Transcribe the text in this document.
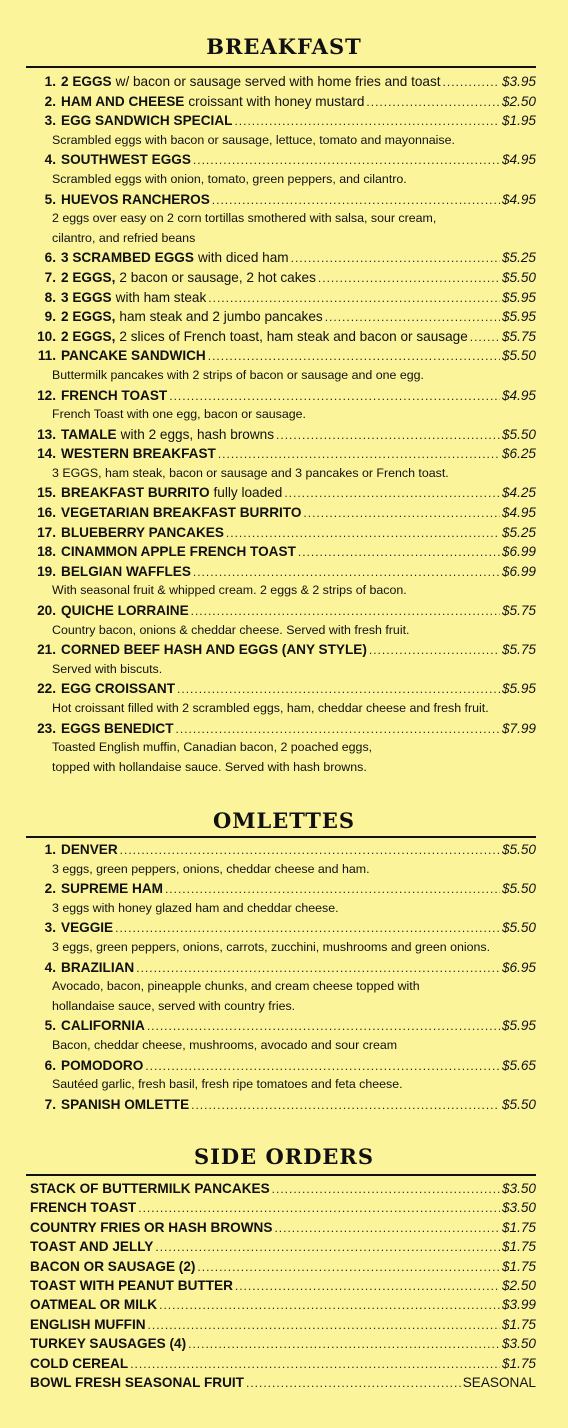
BREAKFAST
1. 2 EGGS w/ bacon or sausage served with home fries and toast .....	$3.95
2. HAM AND CHEESE croissant with honey mustard .....	$2.50
3. EGG SANDWICH SPECIAL .....	$1.95
Scrambled eggs with bacon or sausage, lettuce, tomato and mayonnaise.
4. SOUTHWEST EGGS .....	$4.95
Scrambled eggs with onion, tomato, green peppers, and cilantro.
5. HUEVOS RANCHEROS .....	$4.95
2 eggs over easy on 2 corn tortillas smothered with salsa, sour cream,
cilantro, and refried beans
6. 3 SCRAMBED EGGS with diced ham .....	$5.25
7. 2 EGGS, 2 bacon or sausage, 2 hot cakes .....	$5.50
8. 3 EGGS with ham steak .....	$5.95
9. 2 EGGS, ham steak and 2 jumbo pancakes .....	$5.95
10. 2 EGGS, 2 slices of French toast, ham steak and bacon or sausage .....	$5.75
11. PANCAKE SANDWICH .....	$5.50
Buttermilk pancakes with 2 strips of bacon or sausage and one egg.
12. FRENCH TOAST .....	$4.95
French Toast with one egg, bacon or sausage.
13. TAMALE with 2 eggs, hash browns .....	$5.50
14. WESTERN BREAKFAST .....	$6.25
3 EGGS, ham steak, bacon or sausage and 3 pancakes or French toast.
15. BREAKFAST BURRITO fully loaded .....	$4.25
16. VEGETARIAN BREAKFAST BURRITO .....	$4.95
17. BLUEBERRY PANCAKES .....	$5.25
18. CINAMMON APPLE FRENCH TOAST .....	$6.99
19. BELGIAN WAFFLES .....	$6.99
With seasonal fruit & whipped cream. 2 eggs & 2 strips of bacon.
20. QUICHE LORRAINE .....	$5.75
Country bacon, onions & cheddar cheese. Served with fresh fruit.
21. CORNED BEEF HASH AND EGGS (ANY STYLE) .....	$5.75
Served with biscuts.
22. EGG CROISSANT .....	$5.95
Hot croissant filled with 2 scrambled eggs, ham, cheddar cheese and fresh fruit.
23. EGGS BENEDICT .....	$7.99
Toasted English muffin, Canadian bacon, 2 poached eggs,
topped with hollandaise sauce. Served with hash browns.
OMLETTES
1. DENVER .....	$5.50
3 eggs, green peppers, onions, cheddar cheese and ham.
2. SUPREME HAM .....	$5.50
3 eggs with honey glazed ham and cheddar cheese.
3. VEGGIE .....	$5.50
3 eggs, green peppers, onions, carrots, zucchini, mushrooms and green onions.
4. BRAZILIAN .....	$6.95
Avocado, bacon, pineapple chunks, and cream cheese topped with
hollandaise sauce, served with country fries.
5. CALIFORNIA .....	$5.95
Bacon, cheddar cheese, mushrooms, avocado and sour cream
6. POMODORO .....	$5.65
Sautéed garlic, fresh basil, fresh ripe tomatoes and feta cheese.
7. SPANISH OMLETTE .....	$5.50
SIDE ORDERS
STACK OF BUTTERMILK PANCAKES .....	$3.50
FRENCH TOAST .....	$3.50
COUNTRY FRIES OR HASH BROWNS .....	$1.75
TOAST AND JELLY .....	$1.75
BACON OR SAUSAGE (2) .....	$1.75
TOAST WITH PEANUT BUTTER .....	$2.50
OATMEAL OR MILK .....	$3.99
ENGLISH MUFFIN .....	$1.75
TURKEY SAUSAGES (4) .....	$3.50
COLD CEREAL .....	$1.75
BOWL FRESH SEASONAL FRUIT .....	SEASONAL
